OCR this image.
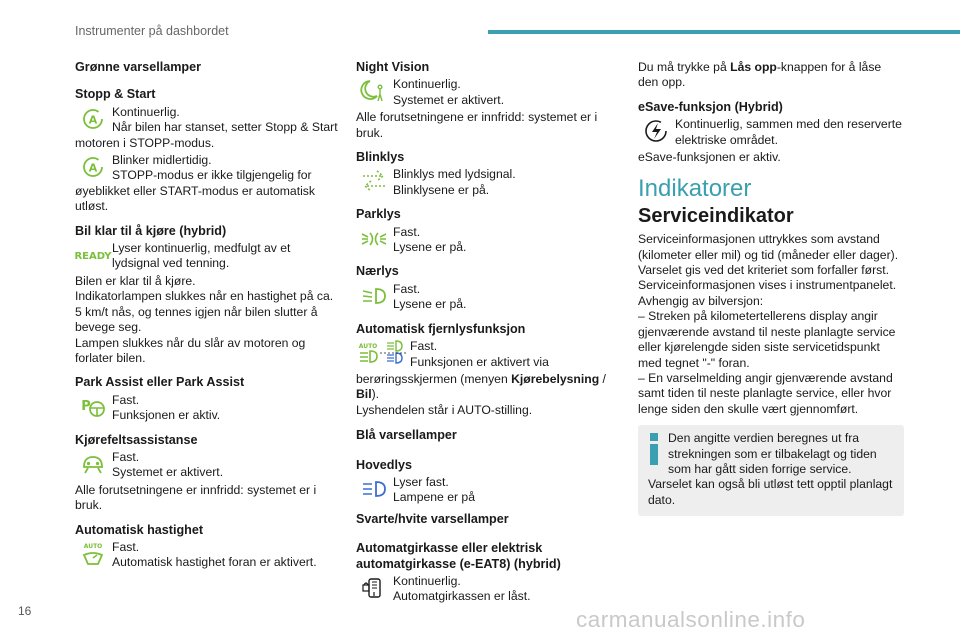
Instrumenter på dashbordet
Grønne varsellamper
Stopp & Start
A

Kontinuerlig.

Når bilen har stanset, setter Stopp & Start motoren i STOPP-modus.

A

Blinker midlertidig.

STOPP-modus er ikke tilgjengelig for øyeblikket eller START-modus er automatisk utløst.

Bil klar til å kjøre (hybrid)
READY

Lyser kontinuerlig, medfulgt av et lydsignal ved tenning.

Bilen er klar til å kjøre.

Indikatorlampen slukkes når en hastighet på ca. 5 km/t nås, og tennes igjen når bilen slutter å bevege seg.

Lampen slukkes når du slår av motoren og forlater bilen.

Park Assist eller Park Assist
P	Fast.

Funksjonen er aktiv.

Kjørefeltsassistanse

Fast.

Systemet er aktivert.

Alle forutsetningene er innfridd: systemet er i bruk.

Automatisk hastighet
AUTO Fast.

Automatisk hastighet foran er aktivert.

Night Vision

Kontinuerlig.

Systemet er aktivert.

Alle forutsetningene er innfridd: systemet er i bruk.

Blinklys

Blinklys med lydsignal.

Blinklysene er på.

Parklys

Fast.

Lysene er på.

Nærlys

Fast.

Lysene er på.

Automatisk fjernlysfunksjon
AUTO	Fast.

Funksjonen er aktivert via

berøringsskjermen (menyen Kjørebelysning / Bil).

Lyshendelen står i AUTO-stilling.

Blå varsellamper
Hovedlys

Lyser fast.

Lampene er på

Svarte/hvite varsellamper
Automatgirkasse eller elektrisk automatgirkasse (e-EAT8) (hybrid)

Kontinuerlig.

Automatgirkassen er låst.

Du må trykke på Lås opp-knappen for å låse den opp.

eSave-funksjon (Hybrid)

Kontinuerlig, sammen med den reserverte elektriske området.

eSave-funksjonen er aktiv.

Indikatorer
Serviceindikator

Serviceinformasjonen uttrykkes som avstand (kilometer eller mil) og tid (måneder eller dager).

Varselet gis ved det kriteriet som forfaller først.

Serviceinformasjonen vises i instrumentpanelet.

Avhengig av bilversjon:

– Streken på kilometertellerens display angir gjenværende avstand til neste planlagte service eller kjørelengde siden siste servicetidspunkt med tegnet "-" foran.

– En varselmelding angir gjenværende avstand samt tiden til neste planlagte service, eller hvor lenge siden den skulle vært gjennomført.

Den angitte verdien beregnes ut fra strekningen som er tilbakelagt og tiden som har gått siden forrige service.

Varselet kan også bli utløst tett opptil planlagt dato.

16	carmanualsonline.info
